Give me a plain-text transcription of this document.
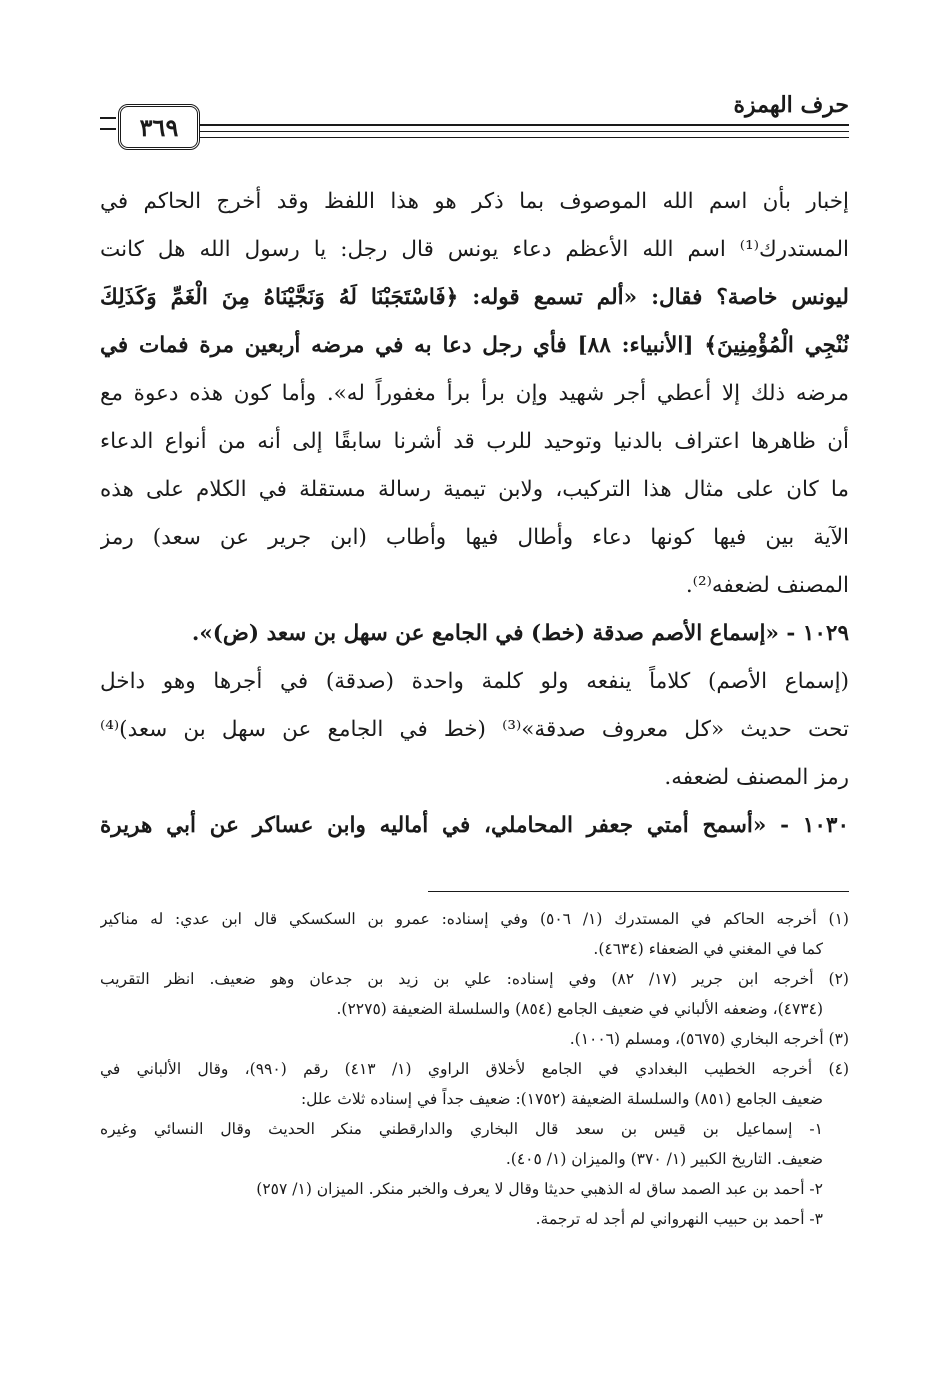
حرف الهمزة
٣٦٩
إخبار بأن اسم الله الموصوف بما ذكر هو هذا اللفظ وقد أخرج الحاكم في
المستدرك⁽¹⁾ اسم الله الأعظم دعاء يونس قال رجل: يا رسول الله هل كانت
ليونس خاصة؟ فقال: «ألم تسمع قوله: ﴿فَاسْتَجَبْنَا لَهُ وَنَجَّيْنَاهُ مِنَ الْغَمِّ وَكَذَلِكَ
نُنْجِي الْمُؤْمِنِينَ﴾ [الأنبياء: ٨٨] فأي رجل دعا به في مرضه أربعين مرة فمات في
مرضه ذلك إلا أعطي أجر شهيد وإن برأ برأ مغفوراً له». وأما كون هذه دعوة مع
أن ظاهرها اعتراف بالدنيا وتوحيد للرب قد أشرنا سابقًا إلى أنه من أنواع الدعاء
ما كان على مثال هذا التركيب، ولابن تيمية رسالة مستقلة في الكلام على هذه
الآية بين فيها كونها دعاء وأطال فيها وأطاب (ابن جرير عن سعد) رمز
المصنف لضعفه⁽²⁾.
١٠٢٩ - «إسماع الأصم صدقة (خط) في الجامع عن سهل بن سعد (ض)».
(إسماع الأصم) كلاماً ينفعه ولو كلمة واحدة (صدقة) في أجرها وهو داخل
تحت حديث «كل معروف صدقة»⁽³⁾ (خط في الجامع عن سهل بن سعد)⁽⁴⁾
رمز المصنف لضعفه.
١٠٣٠ - «أسمح أمتي جعفر المحاملي، في أماليه وابن عساكر عن أبي هريرة
(١) أخرجه الحاكم في المستدرك (١/ ٥٠٦) وفي إسناده: عمرو بن السكسكي قال ابن عدي: له مناكير
كما في المغني في الضعفاء (٤٦٣٤).
(٢) أخرجه ابن جرير (١٧/ ٨٢) وفي إسناده: علي بن زيد بن جدعان وهو ضعيف. انظر التقريب
(٤٧٣٤)، وضعفه الألباني في ضعيف الجامع (٨٥٤) والسلسلة الضعيفة (٢٢٧٥).
(٣) أخرجه البخاري (٥٦٧٥)، ومسلم (١٠٠٦).
(٤) أخرجه الخطيب البغدادي في الجامع لأخلاق الراوي (١/ ٤١٣) رقم (٩٩٠)، وقال الألباني في
ضعيف الجامع (٨٥١) والسلسلة الضعيفة (١٧٥٢): ضعيف جداً في إسناده ثلاث علل:
١- إسماعيل بن قيس بن سعد قال البخاري والدارقطني منكر الحديث وقال النسائي وغيره
ضعيف. التاريخ الكبير (١/ ٣٧٠) والميزان (١/ ٤٠٥).
٢- أحمد بن عبد الصمد ساق له الذهبي حديثا وقال لا يعرف والخبر منكر. الميزان (١/ ٢٥٧)
٣- أحمد بن حبيب النهرواني لم أجد له ترجمة.
